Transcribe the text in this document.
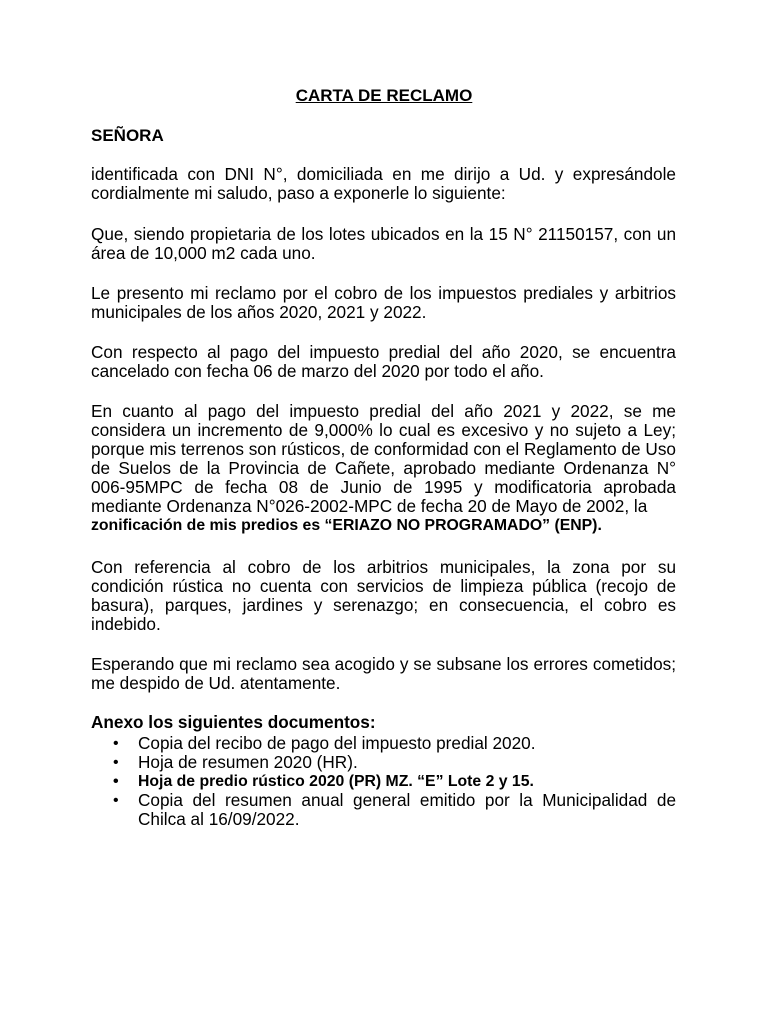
CARTA DE RECLAMO
SEÑORA

identificada con DNI N°, domiciliada en me dirijo a Ud. y expresándole cordialmente mi saludo, paso a exponerle lo siguiente:

Que, siendo propietaria de los lotes ubicados en la 15 N° 21150157, con un área de 10,000 m2 cada uno.

Le presento mi reclamo por el cobro de los impuestos prediales y arbitrios municipales de los años 2020, 2021 y 2022.

Con respecto al pago del impuesto predial del año 2020, se encuentra cancelado con fecha 06 de marzo del 2020 por todo el año.

En cuanto al pago del impuesto predial del año 2021 y 2022, se me considera un incremento de 9,000% lo cual es excesivo y no sujeto a Ley; porque mis terrenos son rústicos, de conformidad con el Reglamento de Uso de Suelos de la Provincia de Cañete, aprobado mediante Ordenanza N° 006-95MPC de fecha 08 de Junio de 1995 y modificatoria aprobada mediante Ordenanza N°026-2002-MPC de fecha 20 de Mayo de 2002, la
zonificación de mis predios es “ERIAZO NO PROGRAMADO” (ENP).

Con referencia al cobro de los arbitrios municipales, la zona por su condición rústica no cuenta con servicios de limpieza pública (recojo de basura), parques, jardines y serenazgo; en consecuencia, el cobro es indebido.

Esperando que mi reclamo sea acogido y se subsane los errores cometidos; me despido de Ud. atentamente.

Anexo los siguientes documentos:
• Copia del recibo de pago del impuesto predial 2020.
• Hoja de resumen 2020 (HR).
• Hoja de predio rústico 2020 (PR) MZ. “E” Lote 2 y 15.
• Copia del resumen anual general emitido por la Municipalidad de Chilca al 16/09/2022.
